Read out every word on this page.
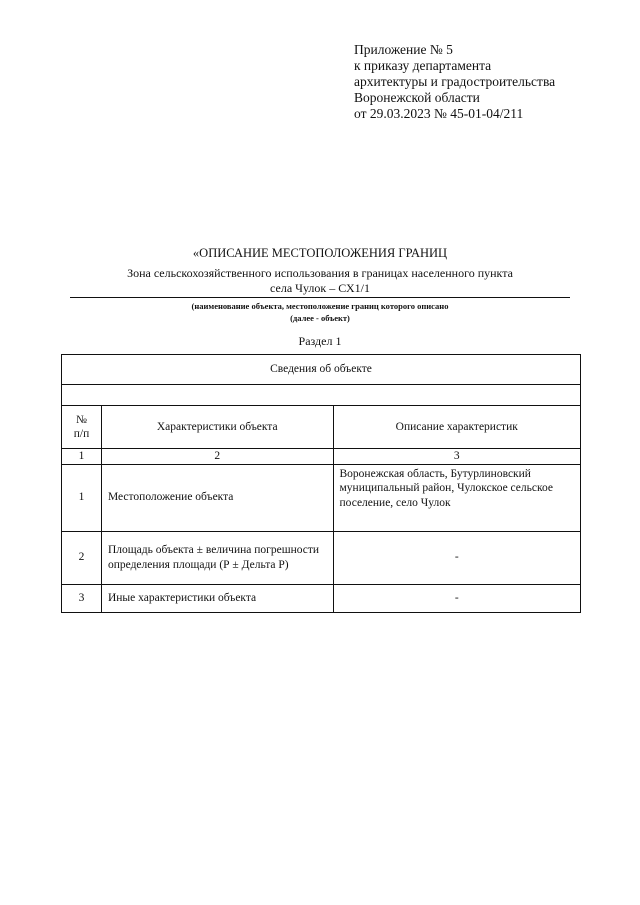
Приложение № 5
к приказу департамента
архитектуры и градостроительства
Воронежской области
от 29.03.2023 № 45-01-04/211
«ОПИСАНИЕ МЕСТОПОЛОЖЕНИЯ ГРАНИЦ
Зона сельскохозяйственного использования в границах населенного пункта
села Чулок – СХ1/1
(наименование объекта, местоположение границ которого описано
(далее - объект)
Раздел 1
Сведения об объекте		

№ п/п	Характеристики объекта	Описание характеристик
1	2	3
1	Местоположение объекта	Воронежская область, Бутурлиновский муниципальный район, Чулокское сельское поселение, село Чулок
2	Площадь объекта ± величина погрешности определения площади (Р ± Дельта Р)	-
3	Иные характеристики объекта	-
